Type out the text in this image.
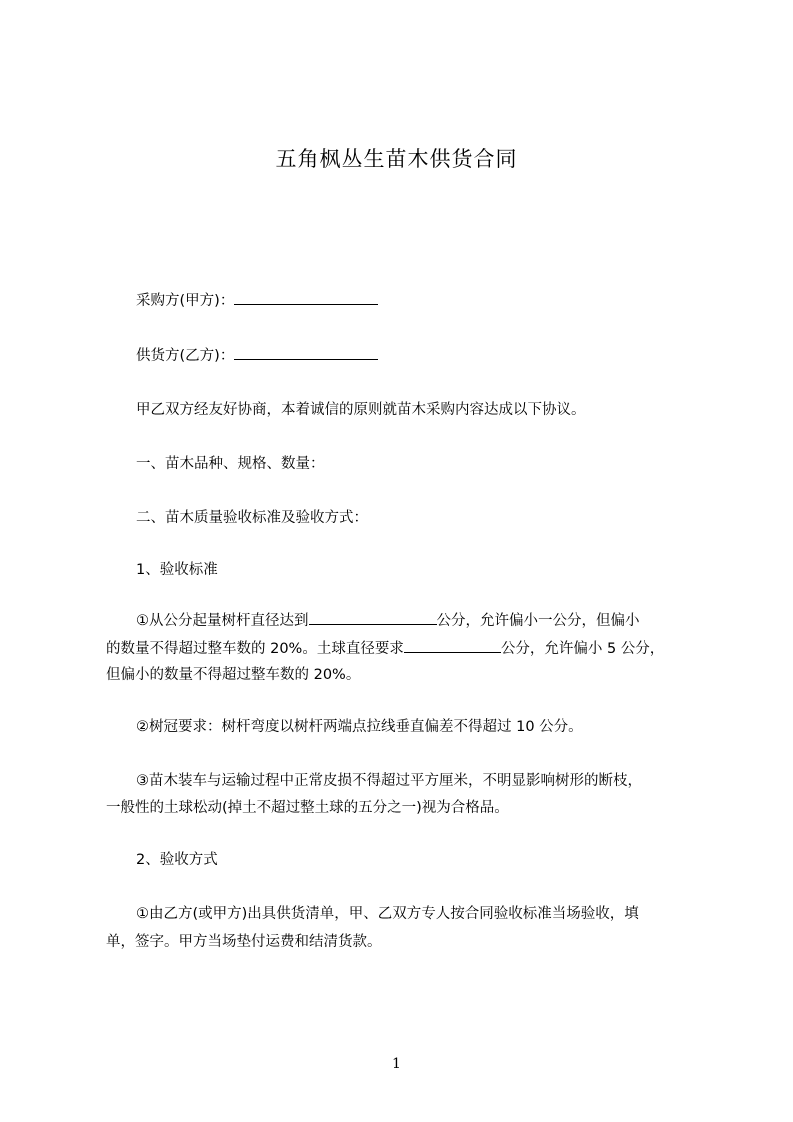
五角枫丛生苗木供货合同
采购方(甲方)：
供货方(乙方)：
甲乙双方经友好协商，本着诚信的原则就苗木采购内容达成以下协议。
一、苗木品种、规格、数量：
二、苗木质量验收标准及验收方式：
1、验收标准
①从公分起量树杆直径达到	公分，允许偏小一公分，但偏小
的数量不得超过整车数的 20%。土球直径要求	公分，允许偏小 5 公分，
但偏小的数量不得超过整车数的 20%。
②树冠要求：树杆弯度以树杆两端点拉线垂直偏差不得超过 10 公分。
③苗木装车与运输过程中正常皮损不得超过平方厘米，不明显影响树形的断枝，
一般性的土球松动(掉土不超过整土球的五分之一)视为合格品。
2、验收方式
①由乙方(或甲方)出具供货清单，甲、乙双方专人按合同验收标准当场验收，填
单，签字。甲方当场垫付运费和结清货款。
1
